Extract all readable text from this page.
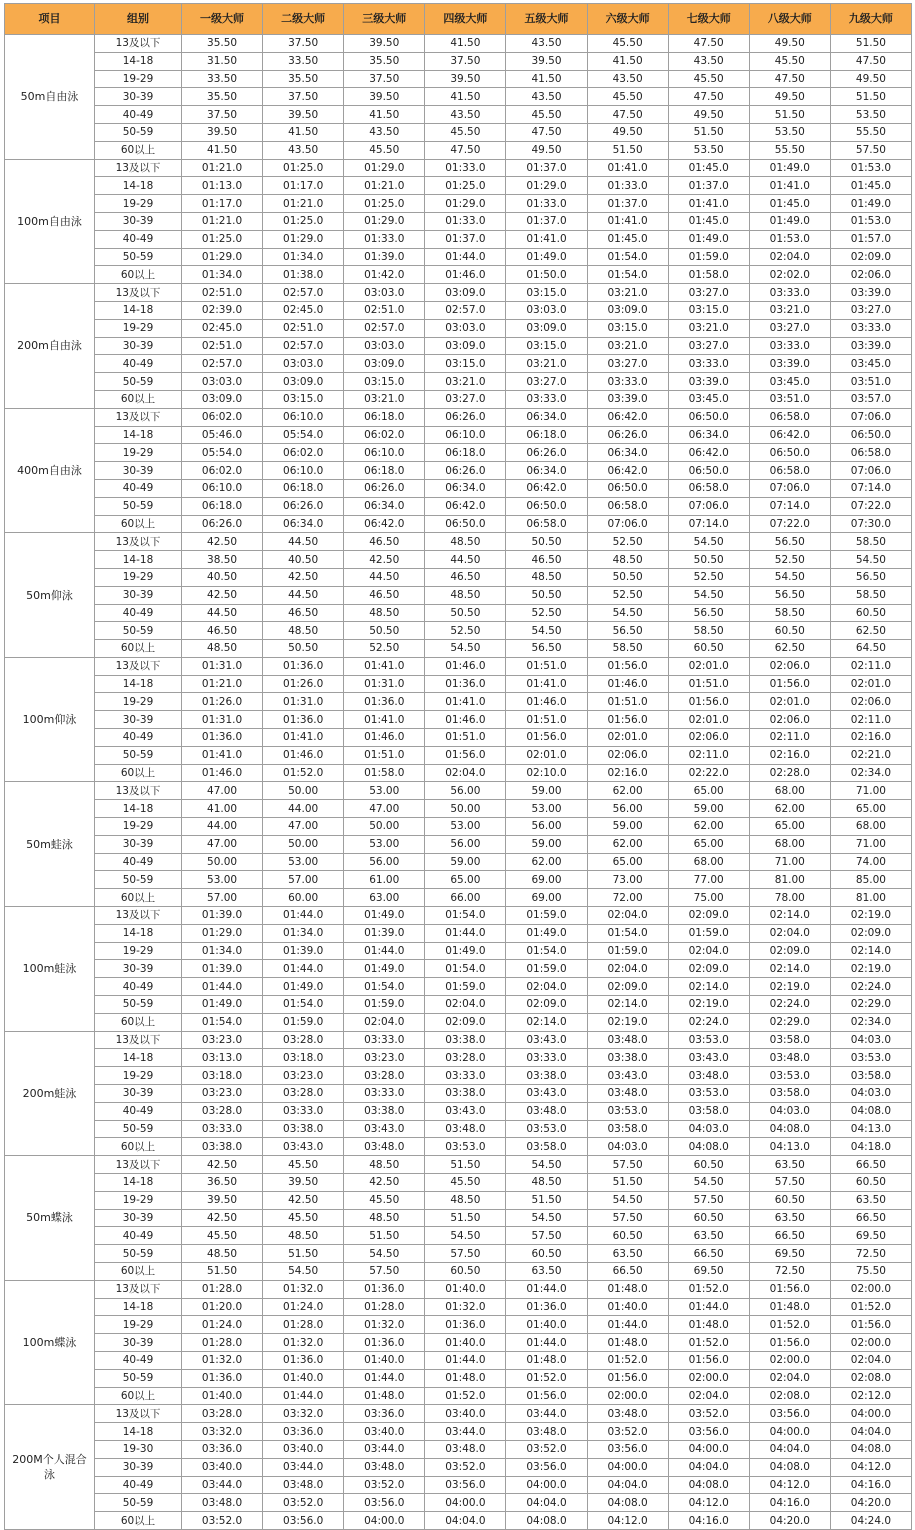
项目	组别	一级大师	二级大师	三级大师	四级大师	五级大师	六级大师	七级大师	八级大师	九级大师
50m自由泳	13及以下	35.50	37.50	39.50	41.50	43.50	45.50	47.50	49.50	51.50
	14-18	31.50	33.50	35.50	37.50	39.50	41.50	43.50	45.50	47.50
	19-29	33.50	35.50	37.50	39.50	41.50	43.50	45.50	47.50	49.50
	30-39	35.50	37.50	39.50	41.50	43.50	45.50	47.50	49.50	51.50
	40-49	37.50	39.50	41.50	43.50	45.50	47.50	49.50	51.50	53.50
	50-59	39.50	41.50	43.50	45.50	47.50	49.50	51.50	53.50	55.50
	60以上	41.50	43.50	45.50	47.50	49.50	51.50	53.50	55.50	57.50
100m自由泳	13及以下	01:21.0	01:25.0	01:29.0	01:33.0	01:37.0	01:41.0	01:45.0	01:49.0	01:53.0
	14-18	01:13.0	01:17.0	01:21.0	01:25.0	01:29.0	01:33.0	01:37.0	01:41.0	01:45.0
	19-29	01:17.0	01:21.0	01:25.0	01:29.0	01:33.0	01:37.0	01:41.0	01:45.0	01:49.0
	30-39	01:21.0	01:25.0	01:29.0	01:33.0	01:37.0	01:41.0	01:45.0	01:49.0	01:53.0
	40-49	01:25.0	01:29.0	01:33.0	01:37.0	01:41.0	01:45.0	01:49.0	01:53.0	01:57.0
	50-59	01:29.0	01:34.0	01:39.0	01:44.0	01:49.0	01:54.0	01:59.0	02:04.0	02:09.0
	60以上	01:34.0	01:38.0	01:42.0	01:46.0	01:50.0	01:54.0	01:58.0	02:02.0	02:06.0
200m自由泳	13及以下	02:51.0	02:57.0	03:03.0	03:09.0	03:15.0	03:21.0	03:27.0	03:33.0	03:39.0
	14-18	02:39.0	02:45.0	02:51.0	02:57.0	03:03.0	03:09.0	03:15.0	03:21.0	03:27.0
	19-29	02:45.0	02:51.0	02:57.0	03:03.0	03:09.0	03:15.0	03:21.0	03:27.0	03:33.0
	30-39	02:51.0	02:57.0	03:03.0	03:09.0	03:15.0	03:21.0	03:27.0	03:33.0	03:39.0
	40-49	02:57.0	03:03.0	03:09.0	03:15.0	03:21.0	03:27.0	03:33.0	03:39.0	03:45.0
	50-59	03:03.0	03:09.0	03:15.0	03:21.0	03:27.0	03:33.0	03:39.0	03:45.0	03:51.0
	60以上	03:09.0	03:15.0	03:21.0	03:27.0	03:33.0	03:39.0	03:45.0	03:51.0	03:57.0
400m自由泳	13及以下	06:02.0	06:10.0	06:18.0	06:26.0	06:34.0	06:42.0	06:50.0	06:58.0	07:06.0
	14-18	05:46.0	05:54.0	06:02.0	06:10.0	06:18.0	06:26.0	06:34.0	06:42.0	06:50.0
	19-29	05:54.0	06:02.0	06:10.0	06:18.0	06:26.0	06:34.0	06:42.0	06:50.0	06:58.0
	30-39	06:02.0	06:10.0	06:18.0	06:26.0	06:34.0	06:42.0	06:50.0	06:58.0	07:06.0
	40-49	06:10.0	06:18.0	06:26.0	06:34.0	06:42.0	06:50.0	06:58.0	07:06.0	07:14.0
	50-59	06:18.0	06:26.0	06:34.0	06:42.0	06:50.0	06:58.0	07:06.0	07:14.0	07:22.0
	60以上	06:26.0	06:34.0	06:42.0	06:50.0	06:58.0	07:06.0	07:14.0	07:22.0	07:30.0
50m仰泳	13及以下	42.50	44.50	46.50	48.50	50.50	52.50	54.50	56.50	58.50
	14-18	38.50	40.50	42.50	44.50	46.50	48.50	50.50	52.50	54.50
	19-29	40.50	42.50	44.50	46.50	48.50	50.50	52.50	54.50	56.50
	30-39	42.50	44.50	46.50	48.50	50.50	52.50	54.50	56.50	58.50
	40-49	44.50	46.50	48.50	50.50	52.50	54.50	56.50	58.50	60.50
	50-59	46.50	48.50	50.50	52.50	54.50	56.50	58.50	60.50	62.50
	60以上	48.50	50.50	52.50	54.50	56.50	58.50	60.50	62.50	64.50
100m仰泳	13及以下	01:31.0	01:36.0	01:41.0	01:46.0	01:51.0	01:56.0	02:01.0	02:06.0	02:11.0
	14-18	01:21.0	01:26.0	01:31.0	01:36.0	01:41.0	01:46.0	01:51.0	01:56.0	02:01.0
	19-29	01:26.0	01:31.0	01:36.0	01:41.0	01:46.0	01:51.0	01:56.0	02:01.0	02:06.0
	30-39	01:31.0	01:36.0	01:41.0	01:46.0	01:51.0	01:56.0	02:01.0	02:06.0	02:11.0
	40-49	01:36.0	01:41.0	01:46.0	01:51.0	01:56.0	02:01.0	02:06.0	02:11.0	02:16.0
	50-59	01:41.0	01:46.0	01:51.0	01:56.0	02:01.0	02:06.0	02:11.0	02:16.0	02:21.0
	60以上	01:46.0	01:52.0	01:58.0	02:04.0	02:10.0	02:16.0	02:22.0	02:28.0	02:34.0
50m蛙泳	13及以下	47.00	50.00	53.00	56.00	59.00	62.00	65.00	68.00	71.00
	14-18	41.00	44.00	47.00	50.00	53.00	56.00	59.00	62.00	65.00
	19-29	44.00	47.00	50.00	53.00	56.00	59.00	62.00	65.00	68.00
	30-39	47.00	50.00	53.00	56.00	59.00	62.00	65.00	68.00	71.00
	40-49	50.00	53.00	56.00	59.00	62.00	65.00	68.00	71.00	74.00
	50-59	53.00	57.00	61.00	65.00	69.00	73.00	77.00	81.00	85.00
	60以上	57.00	60.00	63.00	66.00	69.00	72.00	75.00	78.00	81.00
100m蛙泳	13及以下	01:39.0	01:44.0	01:49.0	01:54.0	01:59.0	02:04.0	02:09.0	02:14.0	02:19.0
	14-18	01:29.0	01:34.0	01:39.0	01:44.0	01:49.0	01:54.0	01:59.0	02:04.0	02:09.0
	19-29	01:34.0	01:39.0	01:44.0	01:49.0	01:54.0	01:59.0	02:04.0	02:09.0	02:14.0
	30-39	01:39.0	01:44.0	01:49.0	01:54.0	01:59.0	02:04.0	02:09.0	02:14.0	02:19.0
	40-49	01:44.0	01:49.0	01:54.0	01:59.0	02:04.0	02:09.0	02:14.0	02:19.0	02:24.0
	50-59	01:49.0	01:54.0	01:59.0	02:04.0	02:09.0	02:14.0	02:19.0	02:24.0	02:29.0
	60以上	01:54.0	01:59.0	02:04.0	02:09.0	02:14.0	02:19.0	02:24.0	02:29.0	02:34.0
200m蛙泳	13及以下	03:23.0	03:28.0	03:33.0	03:38.0	03:43.0	03:48.0	03:53.0	03:58.0	04:03.0
	14-18	03:13.0	03:18.0	03:23.0	03:28.0	03:33.0	03:38.0	03:43.0	03:48.0	03:53.0
	19-29	03:18.0	03:23.0	03:28.0	03:33.0	03:38.0	03:43.0	03:48.0	03:53.0	03:58.0
	30-39	03:23.0	03:28.0	03:33.0	03:38.0	03:43.0	03:48.0	03:53.0	03:58.0	04:03.0
	40-49	03:28.0	03:33.0	03:38.0	03:43.0	03:48.0	03:53.0	03:58.0	04:03.0	04:08.0
	50-59	03:33.0	03:38.0	03:43.0	03:48.0	03:53.0	03:58.0	04:03.0	04:08.0	04:13.0
	60以上	03:38.0	03:43.0	03:48.0	03:53.0	03:58.0	04:03.0	04:08.0	04:13.0	04:18.0
50m蝶泳	13及以下	42.50	45.50	48.50	51.50	54.50	57.50	60.50	63.50	66.50
	14-18	36.50	39.50	42.50	45.50	48.50	51.50	54.50	57.50	60.50
	19-29	39.50	42.50	45.50	48.50	51.50	54.50	57.50	60.50	63.50
	30-39	42.50	45.50	48.50	51.50	54.50	57.50	60.50	63.50	66.50
	40-49	45.50	48.50	51.50	54.50	57.50	60.50	63.50	66.50	69.50
	50-59	48.50	51.50	54.50	57.50	60.50	63.50	66.50	69.50	72.50
	60以上	51.50	54.50	57.50	60.50	63.50	66.50	69.50	72.50	75.50
100m蝶泳	13及以下	01:28.0	01:32.0	01:36.0	01:40.0	01:44.0	01:48.0	01:52.0	01:56.0	02:00.0
	14-18	01:20.0	01:24.0	01:28.0	01:32.0	01:36.0	01:40.0	01:44.0	01:48.0	01:52.0
	19-29	01:24.0	01:28.0	01:32.0	01:36.0	01:40.0	01:44.0	01:48.0	01:52.0	01:56.0
	30-39	01:28.0	01:32.0	01:36.0	01:40.0	01:44.0	01:48.0	01:52.0	01:56.0	02:00.0
	40-49	01:32.0	01:36.0	01:40.0	01:44.0	01:48.0	01:52.0	01:56.0	02:00.0	02:04.0
	50-59	01:36.0	01:40.0	01:44.0	01:48.0	01:52.0	01:56.0	02:00.0	02:04.0	02:08.0
	60以上	01:40.0	01:44.0	01:48.0	01:52.0	01:56.0	02:00.0	02:04.0	02:08.0	02:12.0
200M个人混合泳	13及以下	03:28.0	03:32.0	03:36.0	03:40.0	03:44.0	03:48.0	03:52.0	03:56.0	04:00.0
	14-18	03:32.0	03:36.0	03:40.0	03:44.0	03:48.0	03:52.0	03:56.0	04:00.0	04:04.0
	19-30	03:36.0	03:40.0	03:44.0	03:48.0	03:52.0	03:56.0	04:00.0	04:04.0	04:08.0
	30-39	03:40.0	03:44.0	03:48.0	03:52.0	03:56.0	04:00.0	04:04.0	04:08.0	04:12.0
	40-49	03:44.0	03:48.0	03:52.0	03:56.0	04:00.0	04:04.0	04:08.0	04:12.0	04:16.0
	50-59	03:48.0	03:52.0	03:56.0	04:00.0	04:04.0	04:08.0	04:12.0	04:16.0	04:20.0
	60以上	03:52.0	03:56.0	04:00.0	04:04.0	04:08.0	04:12.0	04:16.0	04:20.0	04:24.0
